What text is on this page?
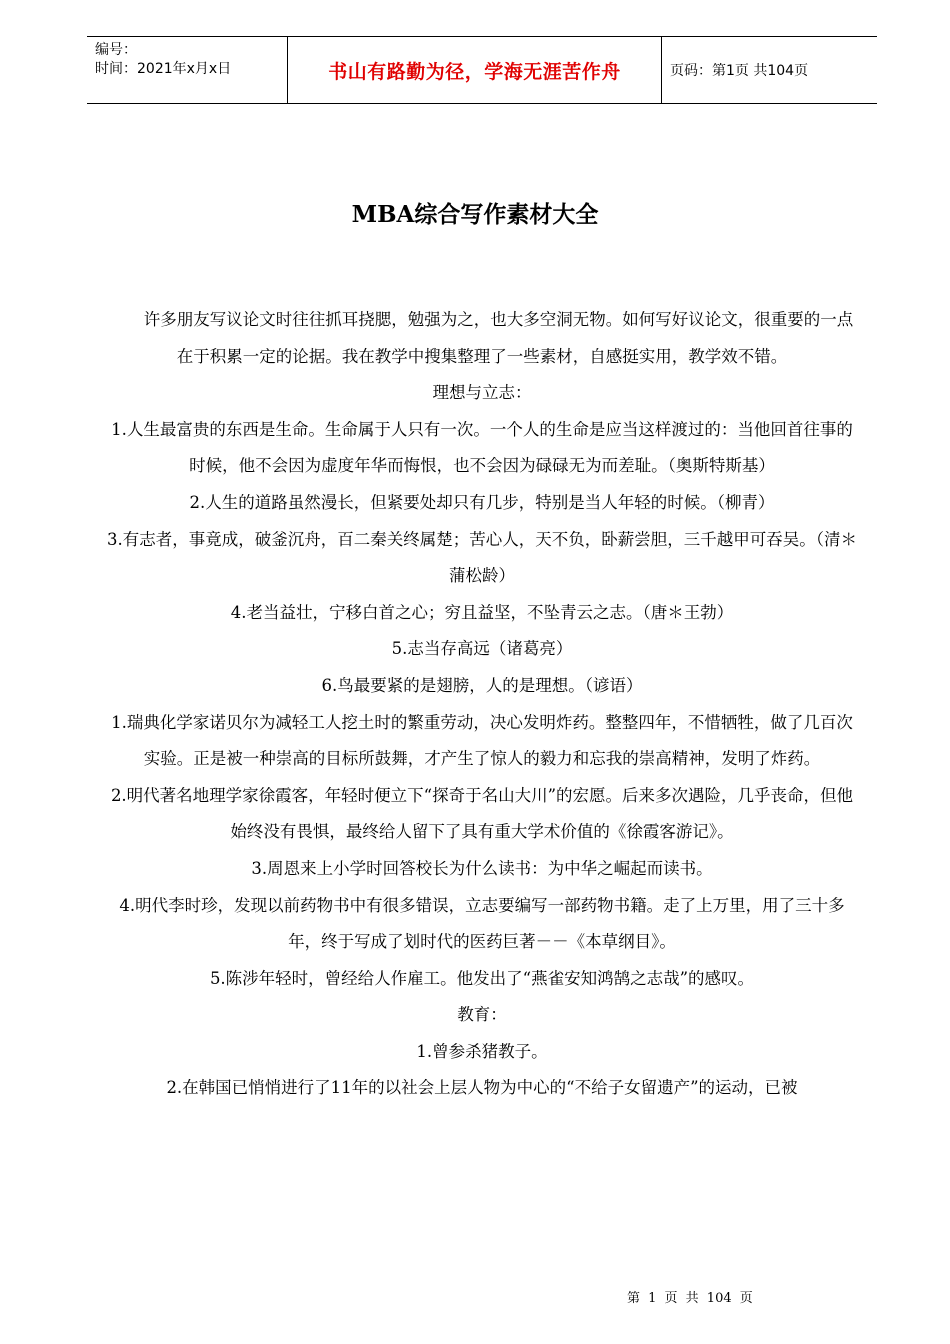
编号：
时间：2021年x月x日	书山有路勤为径，学海无涯苦作舟	页码：第1页 共104页
MBA综合写作素材大全

许多朋友写议论文时往往抓耳挠腮，勉强为之，也大多空洞无物。如何写好议论文，很重要的一点在于积累一定的论据。我在教学中搜集整理了一些素材，自感挺实用，教学效不错。

理想与立志：

1.人生最富贵的东西是生命。生命属于人只有一次。一个人的生命是应当这样渡过的：当他回首往事的时候，他不会因为虚度年华而悔恨，也不会因为碌碌无为而差耻。（奥斯特斯基）

2.人生的道路虽然漫长，但紧要处却只有几步，特别是当人年轻的时候。（柳青）

3.有志者，事竟成，破釜沉舟，百二秦关终属楚；苦心人，天不负，卧薪尝胆，三千越甲可吞吴。（清＊蒲松龄）

4.老当益壮，宁移白首之心；穷且益坚，不坠青云之志。（唐＊王勃）

5.志当存高远（诸葛亮）

6.鸟最要紧的是翅膀，人的是理想。（谚语）

1.瑞典化学家诺贝尔为减轻工人挖土时的繁重劳动，决心发明炸药。整整四年，不惜牺牲，做了几百次实验。正是被一种崇高的目标所鼓舞，才产生了惊人的毅力和忘我的崇高精神，发明了炸药。

2.明代著名地理学家徐霞客，年轻时便立下“探奇于名山大川”的宏愿。后来多次遇险，几乎丧命，但他始终没有畏惧，最终给人留下了具有重大学术价值的《徐霞客游记》。

3.周恩来上小学时回答校长为什么读书：为中华之崛起而读书。

4.明代李时珍，发现以前药物书中有很多错误，立志要编写一部药物书籍。走了上万里，用了三十多年，终于写成了划时代的医药巨著－－《本草纲目》。

5.陈涉年轻时，曾经给人作雇工。他发出了“燕雀安知鸿鹄之志哉”的感叹。

教育：

1.曾参杀猪教子。

2.在韩国已悄悄进行了11年的以社会上层人物为中心的“不给子女留遗产”的运动，已被

第 1 页 共 104 页
